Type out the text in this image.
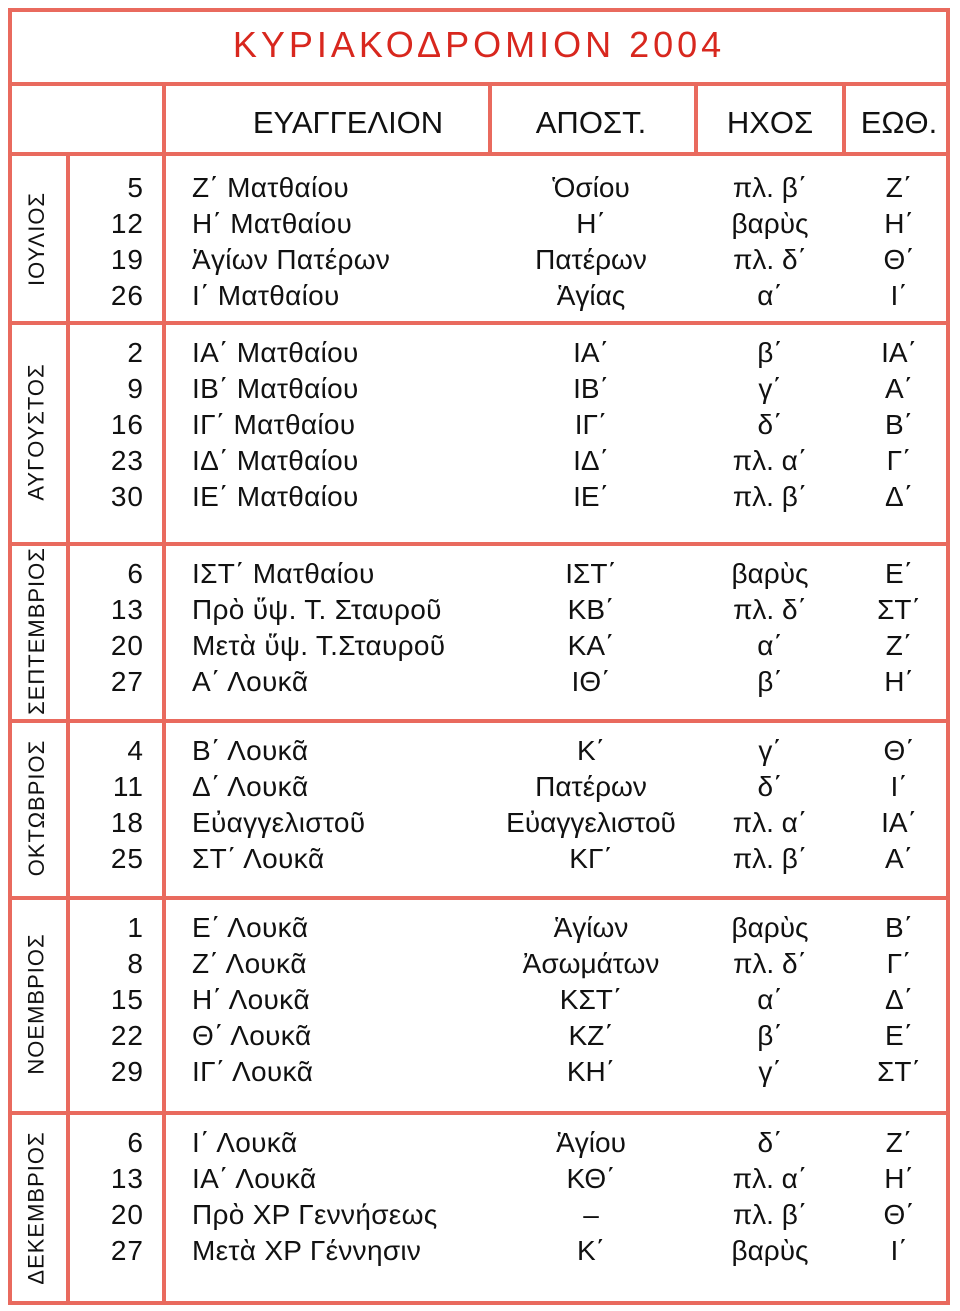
ΚΥΡΙΑΚΟΔΡΟΜΙΟΝ 2004
ΕΥΑΓΓΕΛΙΟΝ	ΑΠΟΣΤ.	ΗΧΟΣ	ΕΩΘ.
ΙΟΥΛΙΟΣ
5 Ζ΄ Ματθαίου	Ὁσίου	πλ. β΄	Ζ΄
12 Η΄ Ματθαίου	Η΄	βαρὺς	Η΄
19 Ἁγίων Πατέρων	Πατέρων	πλ. δ΄	Θ΄
26 Ι΄ Ματθαίου	Ἁγίας	α΄	Ι΄
ΑΥΓΟΥΣΤΟΣ
2 ΙΑ΄ Ματθαίου	ΙΑ΄	β΄	ΙΑ΄
9 ΙΒ΄ Ματθαίου	ΙΒ΄	γ΄	Α΄
16 ΙΓ΄ Ματθαίου	ΙΓ΄	δ΄	Β΄
23 ΙΔ΄ Ματθαίου	ΙΔ΄	πλ. α΄	Γ΄
30 ΙΕ΄ Ματθαίου	ΙΕ΄	πλ. β΄	Δ΄
ΣΕΠΤΕΜΒΡΙΟΣ	6 ΙΣΤ΄ Ματθαίου	ΙΣΤ΄	βαρὺς	Ε΄
13 Πρὸ ὕψ. Τ. Σταυροῦ	ΚΒ΄	πλ. δ΄	ΣΤ΄
20 Μετὰ ὕψ. Τ.Σταυροῦ	ΚΑ΄	α΄	Ζ΄
27 Α΄ Λουκᾶ	ΙΘ΄	β΄	Η΄
ΟΚΤΩΒΡΙΟΣ	4 Β΄ Λουκᾶ	Κ΄	γ΄	Θ΄
11 Δ΄ Λουκᾶ	Πατέρων	δ΄	Ι΄
18 Εὐαγγελιστοῦ	Εὐαγγελιστοῦ	πλ. α΄	ΙΑ΄
25 ΣΤ΄ Λουκᾶ	ΚΓ΄	πλ. β΄	Α΄
ΝΟΕΜΒΡΙΟΣ
1 Ε΄ Λουκᾶ	Ἁγίων	βαρὺς	Β΄
8 Ζ΄ Λουκᾶ	Ἀσωμάτων	πλ. δ΄	Γ΄
15 Η΄ Λουκᾶ	ΚΣΤ΄	α΄	Δ΄
22 Θ΄ Λουκᾶ	ΚΖ΄	β΄	Ε΄
29 ΙΓ΄ Λουκᾶ	ΚΗ΄	γ΄	ΣΤ΄
ΔΕΚΕΜΒΡΙΟΣ	6 Ι΄ Λουκᾶ	Ἁγίου	δ΄	Ζ΄
13 ΙΑ΄ Λουκᾶ	ΚΘ΄	πλ. α΄	Η΄
20 Πρὸ ΧΡ Γεννήσεως	–	πλ. β΄	Θ΄
27 Μετὰ ΧΡ Γέννησιν	Κ΄	βαρὺς	Ι΄
